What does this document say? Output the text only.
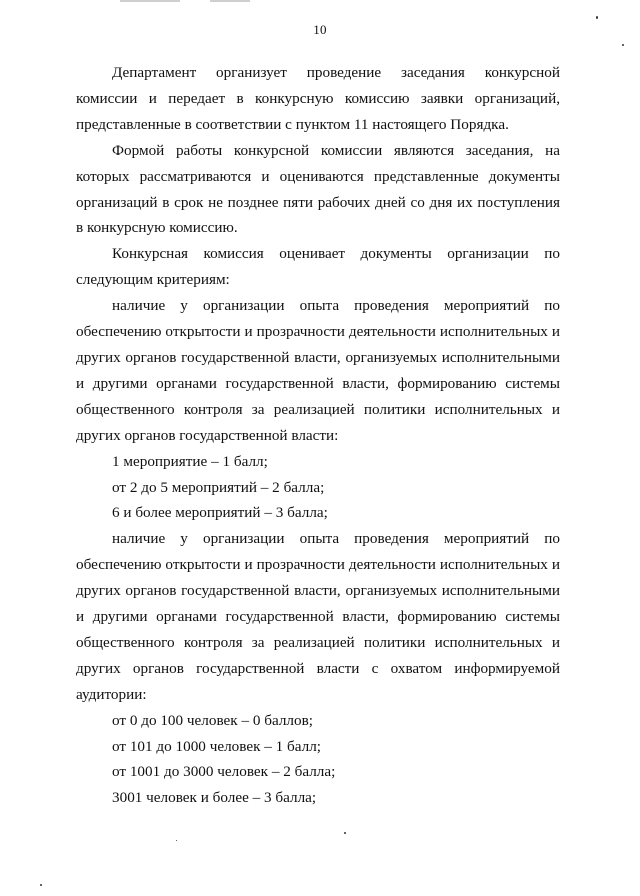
10

Департамент организует проведение заседания конкурсной комиссии и передает в конкурсную комиссию заявки организаций, представленные в соответствии с пунктом 11 настоящего Порядка.

Формой работы конкурсной комиссии являются заседания, на которых рассматриваются и оцениваются представленные документы организаций в срок не позднее пяти рабочих дней со дня их поступления в конкурсную комиссию.

Конкурсная комиссия оценивает документы организации по следующим критериям:

наличие у организации опыта проведения мероприятий по обеспечению открытости и прозрачности деятельности исполнительных и других органов государственной власти, организуемых исполнительными и другими органами государственной власти, формированию системы общественного контроля за реализацией политики исполнительных и других органов государственной власти:

1 мероприятие – 1 балл;

от 2 до 5 мероприятий – 2 балла;

6 и более мероприятий – 3 балла;

наличие у организации опыта проведения мероприятий по обеспечению открытости и прозрачности деятельности исполнительных и других органов государственной власти, организуемых исполнительными и другими органами государственной власти, формированию системы общественного контроля за реализацией политики исполнительных и других органов государственной власти с охватом информируемой аудитории:

от 0 до 100 человек – 0 баллов;

от 101 до 1000 человек – 1 балл;

от 1001 до 3000 человек – 2 балла;

3001 человек и более – 3 балла;
